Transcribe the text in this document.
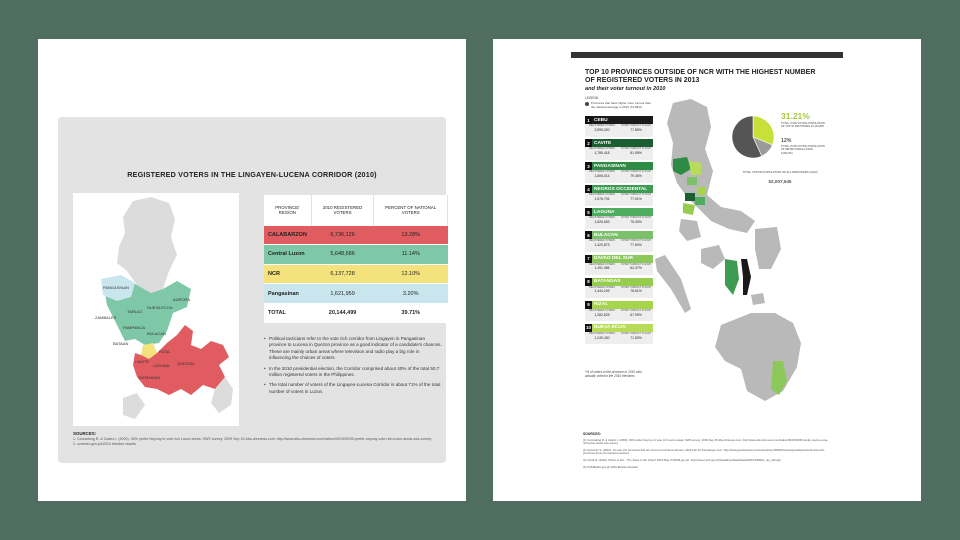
REGISTERED VOTERS IN THE LINGAYEN-LUCENA CORRIDOR (2010)
PANGASINAN
NUEVA ECIJA
TARLAC
AURORA
ZAMBALES
PAMPANGA
BULACAN
BATAAN
RIZAL
CAVITE
LAGUNA QUEZON
BATANGAS
PROVINCE/ REGION	2010 REGISTERED VOTERS	PERCENT OF NATIONAL VOTERS
CALABARZON	6,736,126	13.28%
Central Luzon	5,648,686	11.14%
NCR	6,137,728	12.10%
Pangasinan	1,621,959	3.20%
TOTAL	20,144,499	39.71%

• Political tacticians refer to the vote rich corridor from Lingayen in Pangasinan province to Lucena in Quezon province as a good indicator of a candidate's chances. These are mainly urban areas where television and radio play a big role in influencing the choices of voters.

• In the 2010 presidential election, the Corridor comprised about 40% of the total 50.7 million registered voters in the Philippines.

• The total number of voters of the Lingayen-Lucena Corridor is about 71% of the total number of voters in Luzon.

SOURCES:
1. Conradong R. & Castro I. (2009). 30% prefer Noynoy in vote rich Luzon areas: SWS survey. 2009 Sep 15 Abs-cbnnews.com. http://www.abs-cbnnews.com/nation/09/15/09/30-prefer-noynoy-vote-rich-luzon-areas-sws-survey
2. comelec.gov.ph/2010 election results
TOP 10 PROVINCES OUTSIDE OF NCR WITH THE HIGHEST NUMBER OF REGISTERED VOTERS IN 2013
and their voter turnout in 2010
LEGEND:
Provinces that have higher voter turnout than the national average in 2010 (74.99%)
1 CEBU
REGISTERED VOTERS
2,599,320
VOTER TURNOUT IN 2010*
77.85%
2 CAVITE
REGISTERED VOTERS
1,785,418
VOTER TURNOUT IN 2010*
81.55%
3 PANGASINAN
REGISTERED VOTERS
1,805,014
VOTER TURNOUT IN 2010*
79.36%
4 NEGROS OCCIDENTAL
REGISTERED VOTERS
1,576,794
VOTER TURNOUT IN 2010*
77.01%
5 LAGUNA
REGISTERED VOTERS
1,626,653
VOTER TURNOUT IN 2010*
75.30%
6 BULACAN
REGISTERED VOTERS
1,420,873
VOTER TURNOUT IN 2010*
77.60%
7 DAVAO DEL SUR
REGISTERED VOTERS
1,491,386
VOTER TURNOUT IN 2010*
64.37%
8 BATANGAS
REGISTERED VOTERS
1,444,249
VOTER TURNOUT IN 2010*
78.61%
9 RIZAL
REGISTERED VOTERS
1,282,825
VOTER TURNOUT IN 2010*
67.99%
10 NUEVA ECIJA
REGISTERED VOTERS
1,249,430
VOTER TURNOUT IN 2010*
71.83%
*% of voters in the province in 2010 who actually voted in the 2010 elections
31.21%
TOTAL VOTE VOTING POPULATION OF TOP 10 PROVINCES 16,191,845
12%
TOTAL VOTE VOTING POPULATION OF METRO MANILA (NCR) 6,090,004
TOTAL VOTING POPULATION OF ALL PROVINCES (2013)
52,007,545
SOURCES:

(1) Conradong R. & Castro I. (2009). 30% prefer Noynoy in vote rich Luzon areas: SWS survey. 2009 Sep 15 Abs-cbnnews.com. http://www.abs-cbnnews.com/nation/09/15/09/30-prefer-noynoy-vote-rich-luzon-areas-sws-survey

(2) Gutierrez S. (2010). 10 vote-rich provinces that are fond of incumbent winners. 2010 Feb 10 Interaksyon.com. http://www.gmanetwork.com/news/story/185000/news/specialreports/10-vote-rich-provinces-fond-of-incumbent-winners

(3) Virola R. (2010). Where is Da... The Votes in the Votes? 2010 May 9 NSCB.gov.ph. http://www.nscb.gov.ph/headlines/StatsSpeak/2010/030910_rav_sfdi.asp

(4) COMELEC.gov.ph 2010 Election Results
